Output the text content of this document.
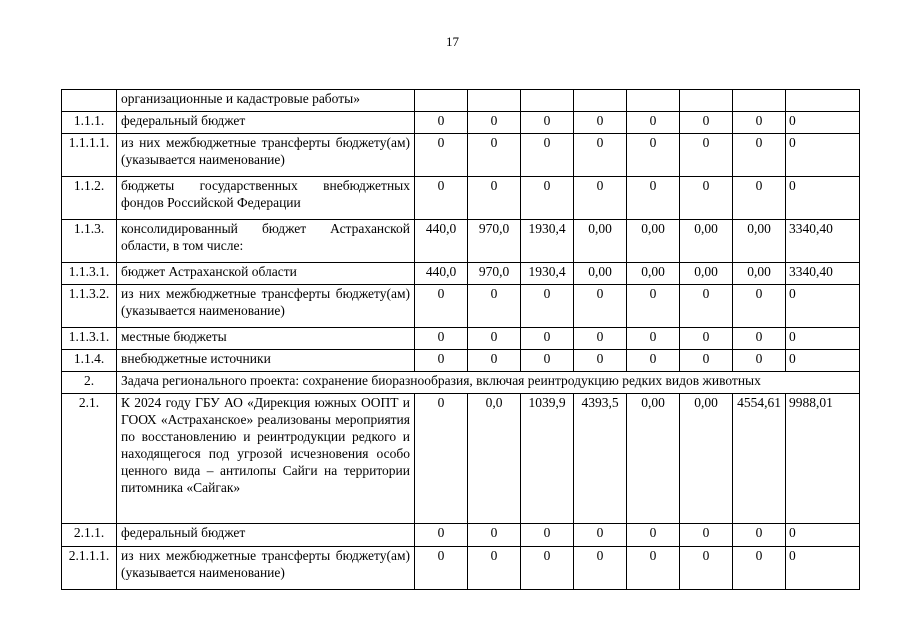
17
	организационные и кадастровые работы»								
1.1.1.	федеральный бюджет	0	0	0	0	0	0	0	0
1.1.1.1.	из них межбюджетные трансферты бюджету(ам) (указывается наименование)	0	0	0	0	0	0	0	0
1.1.2.	бюджеты государственных внебюджетных фондов Российской Федерации	0	0	0	0	0	0	0	0
1.1.3.	консолидированный бюджет Астраханской области, в том числе:	440,0	970,0	1930,4	0,00	0,00	0,00	0,00	3340,40
1.1.3.1.	бюджет Астраханской области	440,0	970,0	1930,4	0,00	0,00	0,00	0,00	3340,40
1.1.3.2.	из них межбюджетные трансферты бюджету(ам) (указывается наименование)	0	0	0	0	0	0	0	0
1.1.3.1.	местные бюджеты	0	0	0	0	0	0	0	0
1.1.4.	внебюджетные источники	0	0	0	0	0	0	0	0
2.	Задача регионального проекта: сохранение биоразнообразия, включая реинтродукцию редких видов животных								
2.1.	К 2024 году ГБУ АО «Дирекция южных ООПТ и ГООХ «Астраханское» реализованы мероприятия по восстановлению и реинтродукции редкого и находящегося под угрозой исчезновения особо ценного вида – антилопы Сайги на территории питомника «Сайгак»	0	0,0	1039,9	4393,5	0,00	0,00	4554,61	9988,01
2.1.1.	федеральный бюджет	0	0	0	0	0	0	0	0
2.1.1.1.	из них межбюджетные трансферты бюджету(ам) (указывается наименование)	0	0	0	0	0	0	0	0
